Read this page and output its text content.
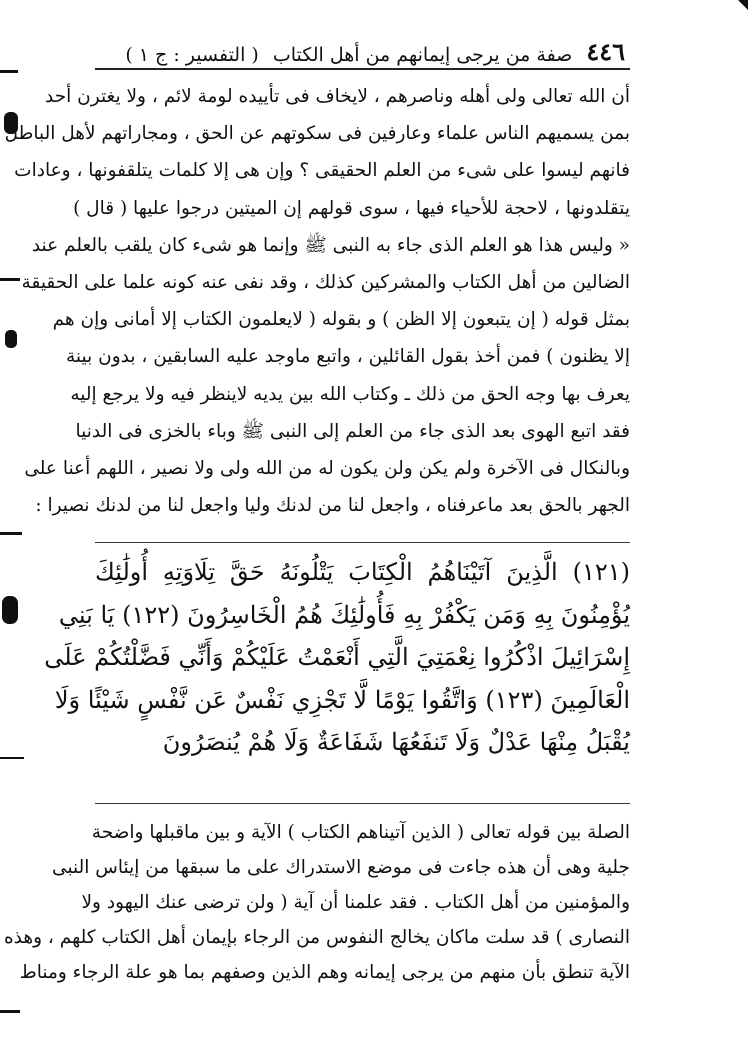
٤٤٦
صفة من يرجى إيمانهم من أهل الكتاب
( التفسير : ج ١ )
أن الله تعالى ولى أهله وناصرهم ، لايخاف فى تأييده لومة لائم ، ولا يغترن أحد
بمن يسميهم الناس علماء وعارفين فى سكوتهم عن الحق ، ومجاراتهم لأهل الباطل
فانهم ليسوا على شىء من العلم الحقيقى ؟ وإن هى إلا كلمات يتلقفونها ، وعادات
يتقلدونها ، لاحجة للأحياء فيها ، سوى قولهم إن الميتين درجوا عليها ( قال )
« وليس هذا هو العلم الذى جاء به النبى ﷺ وإنما هو شىء كان يلقب بالعلم عند
الضالين من أهل الكتاب والمشركين كذلك ، وقد نفى عنه كونه علما على الحقيقة
بمثل قوله ( إن يتبعون إلا الظن ) و بقوله ( لايعلمون الكتاب إلا أمانى وإن هم
إلا يظنون ) فمن أخذ بقول القائلين ، واتبع ماوجد عليه السابقين ، بدون بينة
يعرف بها وجه الحق من ذلك ـ وكتاب الله بين يديه لاينظر فيه ولا يرجع إليه
فقد اتبع الهوى بعد الذى جاء من العلم إلى النبى ﷺ وباء بالخزى فى الدنيا
وبالنكال فى الآخرة ولم يكن ولن يكون له من الله ولى ولا نصير ، اللهم أعنا على
الجهر بالحق بعد ماعرفناه ، واجعل لنا من لدنك وليا واجعل لنا من لدنك نصيرا :
(١٢١) الَّذِينَ آتَيْنَاهُمُ الْكِتَابَ يَتْلُونَهُ حَقَّ تِلَاوَتِهِ أُولَٰئِكَ
يُؤْمِنُونَ بِهِ وَمَن يَكْفُرْ بِهِ فَأُولَٰئِكَ هُمُ الْخَاسِرُونَ (١٢٢) يَا بَنِي
إِسْرَائِيلَ اذْكُرُوا نِعْمَتِيَ الَّتِي أَنْعَمْتُ عَلَيْكُمْ وَأَنِّي فَضَّلْتُكُمْ عَلَى
الْعَالَمِينَ (١٢٣) وَاتَّقُوا يَوْمًا لَّا تَجْزِي نَفْسٌ عَن نَّفْسٍ شَيْئًا وَلَا
يُقْبَلُ مِنْهَا عَدْلٌ وَلَا تَنفَعُهَا شَفَاعَةٌ وَلَا هُمْ يُنصَرُونَ
الصلة بين قوله تعالى ( الذين آتيناهم الكتاب ) الآية و بين ماقبلها واضحة
جلية وهى أن هذه جاءت فى موضع الاستدراك على ما سبقها من إيئاس النبى
والمؤمنين من أهل الكتاب . فقد علمنا أن آية ( ولن ترضى عنك اليهود ولا
النصارى ) قد سلت ماكان يخالج النفوس من الرجاء بإيمان أهل الكتاب كلهم ، وهذه
الآية تنطق بأن منهم من يرجى إيمانه وهم الذين وصفهم بما هو علة الرجاء ومناط
